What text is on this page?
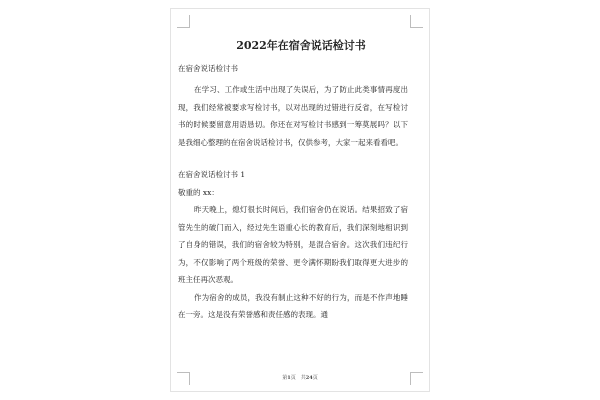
2022年在宿舍说话检讨书
在宿舍说话检讨书

在学习、工作或生活中出现了失误后，为了防止此类事情再度出现，我们经常被要求写检讨书，以对出现的过错进行反省，在写检讨书的时候要留意用语恳切。你还在对写检讨书感到一筹莫展吗？以下是我细心整理的在宿舍说话检讨书，仅供参考，大家一起来看看吧。

在宿舍说话检讨书 1
敬重的 xx：

昨天晚上，熄灯很长时间后，我们宿舍仍在说话。结果招致了宿管先生的破门而入，经过先生语重心长的教育后，我们深刻地相识到了自身的错误，我们的宿舍较为特别，是混合宿舍。这次我们违纪行为，不仅影响了两个班级的荣誉、更令满怀期盼我们取得更大进步的班主任再次恶观。

作为宿舍的成员，我没有制止这种不好的行为，而是不作声地睡在一旁。这是没有荣誉感和责任感的表现。通

第1页　共24页
